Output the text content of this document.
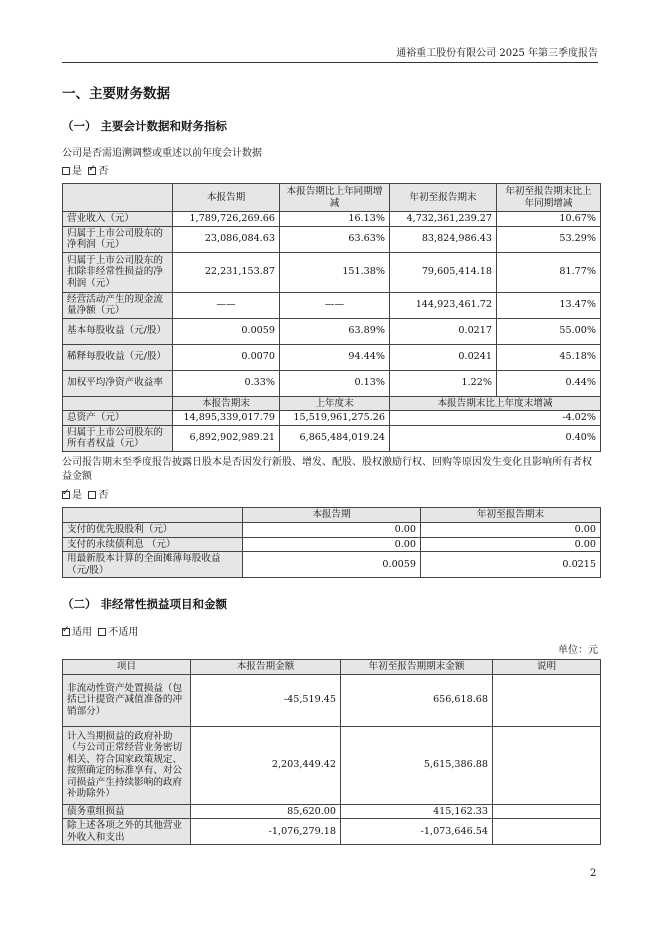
通裕重工股份有限公司 2025 年第三季度报告
一、主要财务数据
（一） 主要会计数据和财务指标
公司是否需追溯调整或重述以前年度会计数据
是 ✓ 否
	本报告期	本报告期比上年同期增减	年初至报告期末	年初至报告期末比上年同期增减
营业收入（元）	1,789,726,269.66	16.13%	4,732,361,239.27	10.67%
归属于上市公司股东的净利润（元）	23,086,084.63	63.63%	83,824,986.43	53.29%
归属于上市公司股东的扣除非经常性损益的净利润（元）	22,231,153.87	151.38%	79,605,414.18	81.77%
经营活动产生的现金流量净额（元）	——	——	144,923,461.72	13.47%
基本每股收益（元/股）	0.0059	63.89%	0.0217	55.00%
稀释每股收益（元/股）	0.0070	94.44%	0.0241	45.18%
加权平均净资产收益率	0.33%	0.13%	1.22%	0.44%
	本报告期末	上年度末	本报告期末比上年度末增减	
总资产（元）	14,895,339,017.79	15,519,961,275.26	-4.02%	
归属于上市公司股东的所有者权益（元）	6,892,902,989.21	6,865,484,019.24	0.40%	
公司报告期末至季度报告披露日股本是否因发行新股、增发、配股、股权激励行权、回购等原因发生变化且影响所有者权益金额
✓是 否
	本报告期	年初至报告期末
支付的优先股股利（元）	0.00	0.00
支付的永续债利息 （元）	0.00	0.00
用最新股本计算的全面摊薄每股收益（元/股）	0.0059	0.0215
（二） 非经常性损益项目和金额
✓适用 不适用
单位：元
项目	本报告期金额	年初至报告期期末金额	说明
非流动性资产处置损益（包括已计提资产减值准备的冲销部分）	-45,519.45	656,618.68	
计入当期损益的政府补助（与公司正常经营业务密切相关、符合国家政策规定、按照确定的标准享有、对公司损益产生持续影响的政府补助除外）	2,203,449.42	5,615,386.88	
债务重组损益	85,620.00	415,162.33	
除上述各项之外的其他营业外收入和支出	-1,076,279.18	-1,073,646.54	
2
